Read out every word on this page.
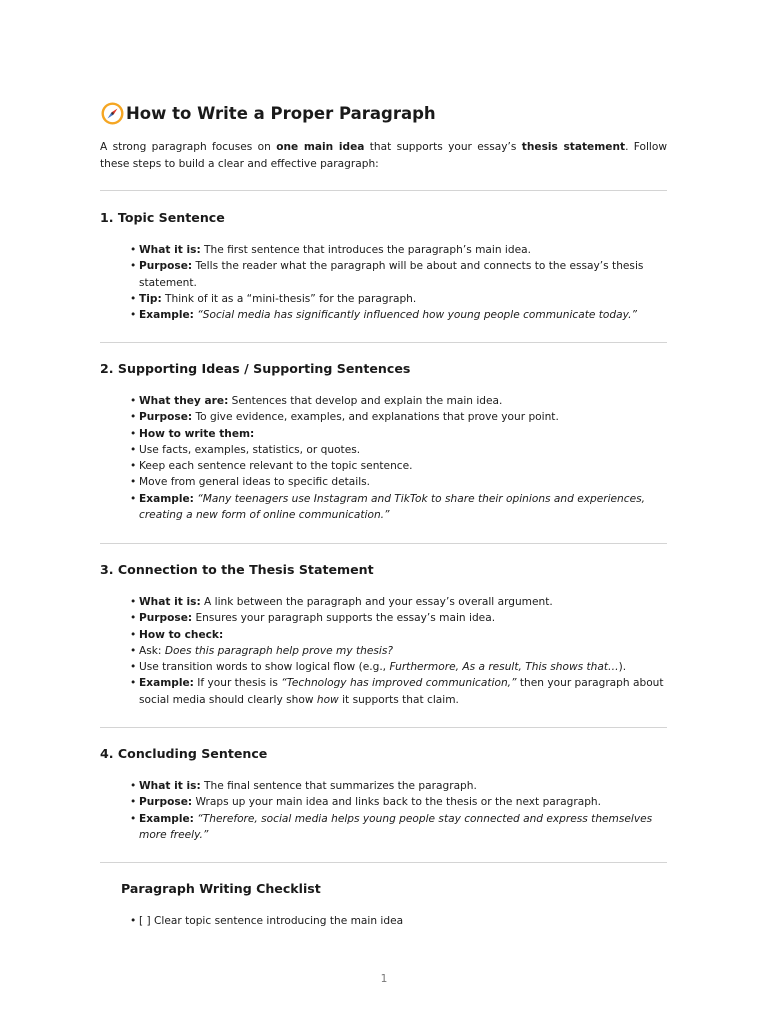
How to Write a Proper Paragraph
A strong paragraph focuses on one main idea that supports your essay’s thesis statement. Follow these steps to build a clear and effective paragraph:
1. Topic Sentence
• What it is: The first sentence that introduces the paragraph’s main idea.
• Purpose: Tells the reader what the paragraph will be about and connects to the essay’s thesis statement.
• Tip: Think of it as a “mini-thesis” for the paragraph.
• Example: “Social media has significantly influenced how young people communicate today.”
2. Supporting Ideas / Supporting Sentences
• What they are: Sentences that develop and explain the main idea.
• Purpose: To give evidence, examples, and explanations that prove your point.
• How to write them:
• Use facts, examples, statistics, or quotes.
• Keep each sentence relevant to the topic sentence.
• Move from general ideas to specific details.
• Example: “Many teenagers use Instagram and TikTok to share their opinions and experiences, creating a new form of online communication.”
3. Connection to the Thesis Statement
• What it is: A link between the paragraph and your essay’s overall argument.
• Purpose: Ensures your paragraph supports the essay’s main idea.
• How to check:
• Ask: Does this paragraph help prove my thesis?
• Use transition words to show logical flow (e.g., Furthermore, As a result, This shows that…).
• Example: If your thesis is “Technology has improved communication,” then your paragraph about social media should clearly show how it supports that claim.
4. Concluding Sentence
• What it is: The final sentence that summarizes the paragraph.
• Purpose: Wraps up your main idea and links back to the thesis or the next paragraph.
• Example: “Therefore, social media helps young people stay connected and express themselves more freely.”
Paragraph Writing Checklist
• [ ] Clear topic sentence introducing the main idea
1
